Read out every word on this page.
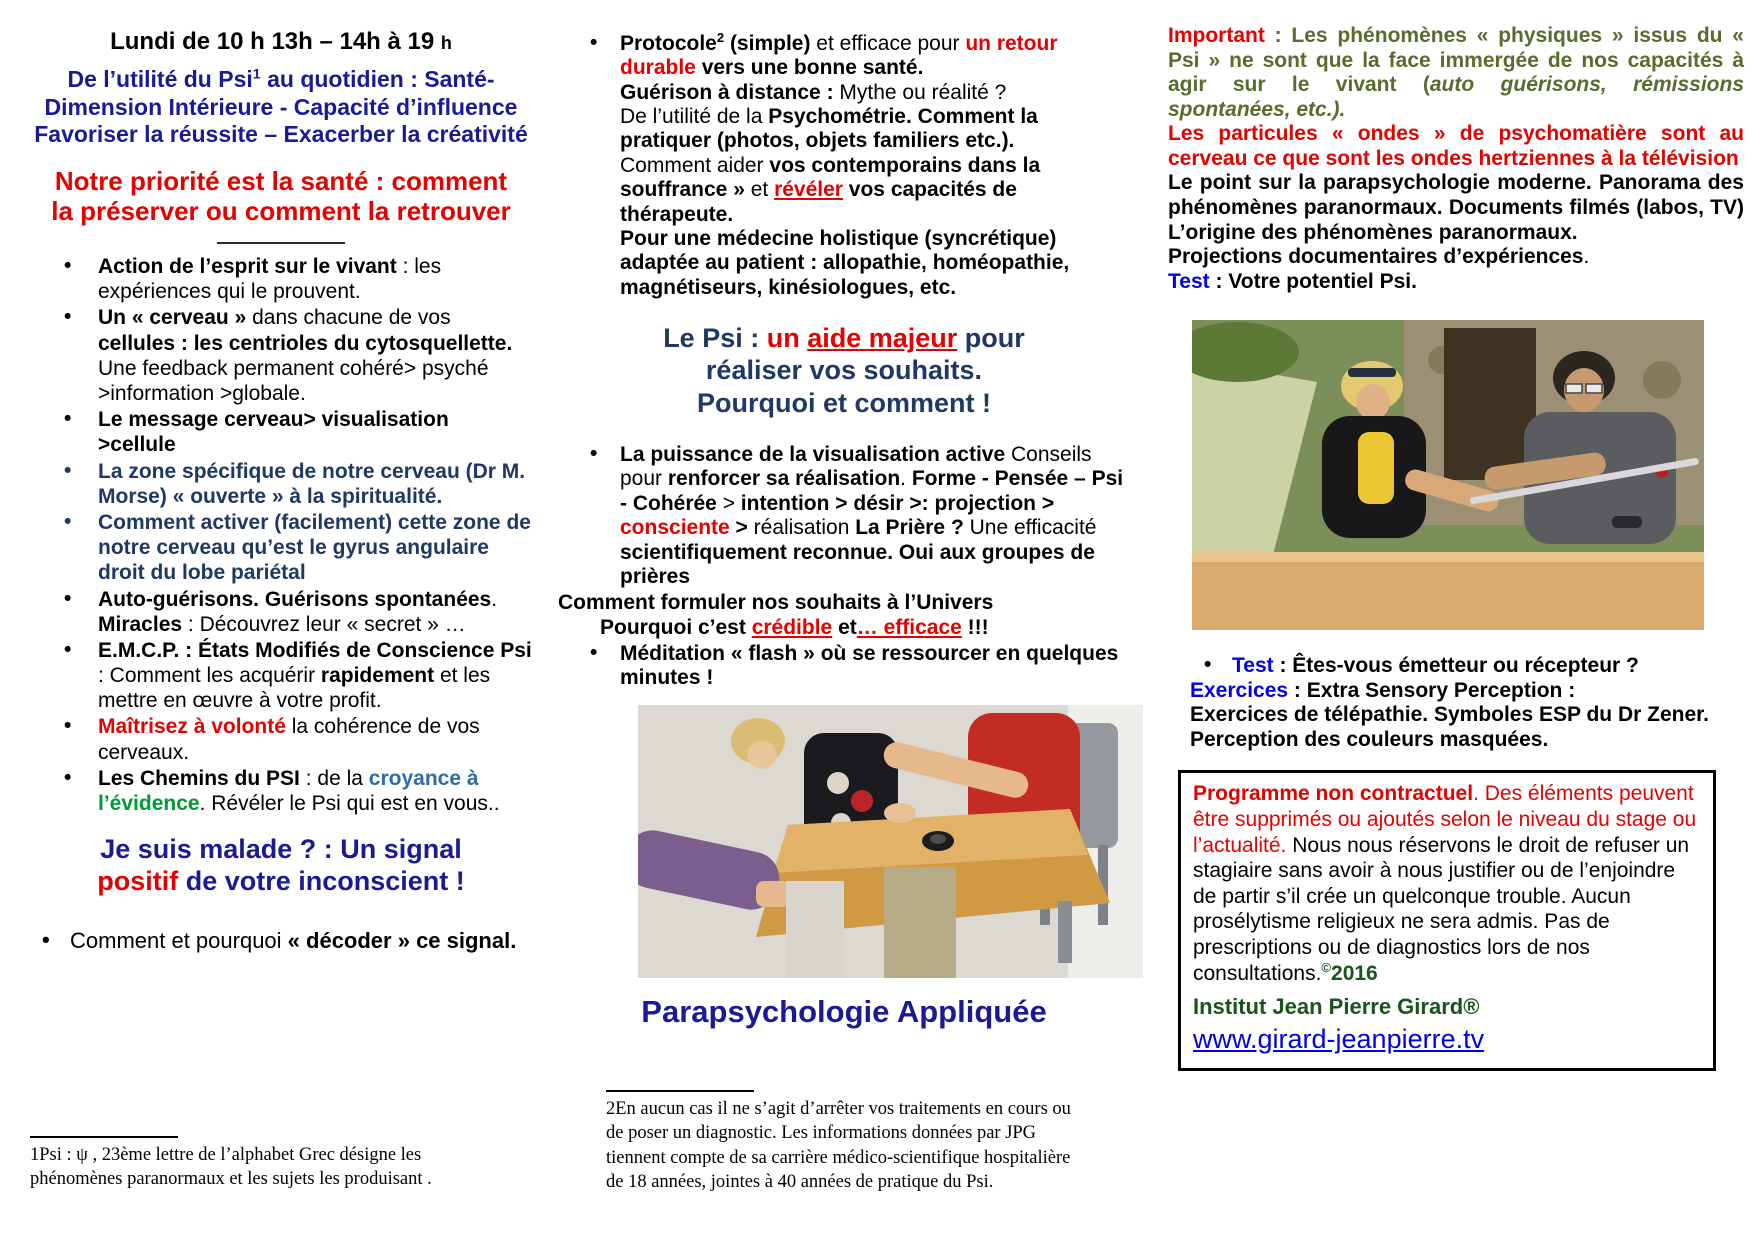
Lundi de 10 h 13h – 14h à 19 h
De l’utilité du Psi$^1$ au quotidien : Santé-
Dimension Intérieure - Capacité d’influence
Favoriser la réussite – Exacerber la créativité
Notre priorité est la santé : comment
la préserver ou comment la retrouver
• Action de l’esprit sur le vivant : les expériences qui le prouvent.
• Un « cerveau » dans chacune de vos cellules : les centrioles du cytosquellette. Une feedback permanent cohéré> psyché >information >globale.
• Le message cerveau> visualisation >cellule
• La zone spécifique de notre cerveau (Dr M. Morse) « ouverte » à la spiritualité.
• Comment activer (facilement) cette zone de notre cerveau qu’est le gyrus angulaire droit du lobe pariétal
• Auto-guérisons. Guérisons spontanées. Miracles : Découvrez leur « secret » …
• E.M.C.P. : États Modifiés de Conscience Psi : Comment les acquérir rapidement et les mettre en œuvre à votre profit.
• Maîtrisez à volonté la cohérence de vos cerveaux.
• Les Chemins du PSI : de la croyance à l’évidence. Révéler le Psi qui est en vous..
Je suis malade ? : Un signal
positif de votre inconscient !
• Comment et pourquoi « décoder » ce signal.
1Psi : ψ , 23ème lettre de l’alphabet Grec désigne les phénomènes paranormaux et les sujets les produisant .

• Protocole$^2$ (simple) et efficace pour un retour durable vers une bonne santé.

Guérison à distance : Mythe ou réalité ?

De l’utilité de la Psychométrie. Comment la pratiquer (photos, objets familiers etc.).

Comment aider vos contemporains dans la souffrance » et révéler vos capacités de thérapeute.

Pour une médecine holistique (syncrétique) adaptée au patient : allopathie, homéopathie, magnétiseurs, kinésiologues, etc.

Le Psi : un aide majeur pour
réaliser vos souhaits.
Pourquoi et comment !
• La puissance de la visualisation active Conseils pour renforcer sa réalisation. Forme - Pensée – Psi - Cohérée > intention > désir >: projection > consciente > réalisation La Prière ? Une efficacité scientifiquement reconnue. Oui aux groupes de prières
Comment formuler nos souhaits à l’Univers
Pourquoi c’est crédible et… efficace !!!
• Méditation « flash » où se ressourcer en quelques minutes !
Parapsychologie Appliquée
2En aucun cas il ne s’agit d’arrêter vos traitements en cours ou de poser un diagnostic. Les informations données par JPG tiennent compte de sa carrière médico-scientifique hospitalière de 18 années, jointes à 40 années de pratique du Psi.

Important : Les phénomènes « physiques » issus du « Psi » ne sont que la face immergée de nos capacités à agir sur le vivant (auto guérisons, rémissions spontanées, etc.).

Les particules « ondes » de psychomatière sont au cerveau ce que sont les ondes hertziennes à la télévision

Le point sur la parapsychologie moderne. Panorama des phénomènes paranormaux. Documents filmés (labos, TV) L’origine des phénomènes paranormaux.

Projections documentaires d’expériences.

Test : Votre potentiel Psi.

• Test : Êtes-vous émetteur ou récepteur ?
Exercices : Extra Sensory Perception :
Exercices de télépathie. Symboles ESP du Dr Zener. Perception des couleurs masquées.
Programme non contractuel. Des éléments peuvent être supprimés ou ajoutés selon le niveau du stage ou l’actualité. Nous nous réservons le droit de refuser un stagiaire sans avoir à nous justifier ou de l’enjoindre de partir s’il crée un quelconque trouble. Aucun prosélytisme religieux ne sera admis. Pas de prescriptions ou de diagnostics lors de nos consultations.©2016
Institut Jean Pierre Girard®
www.girard-jeanpierre.tv
